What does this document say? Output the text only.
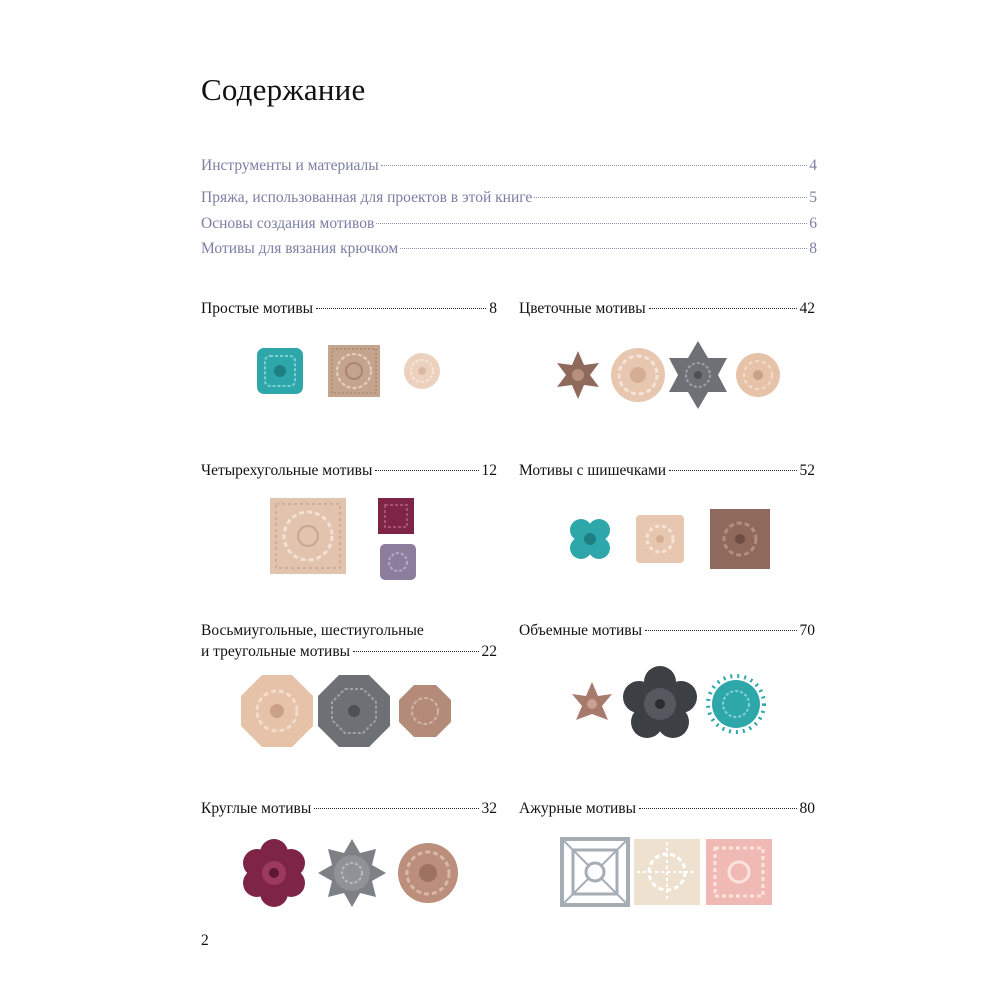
Содержание
Инструменты и материалы	4
Пряжа, использованная для проектов в этой книге	5
Основы создания мотивов	6
Мотивы для вязания крючком	8
Простые мотивы	8 Цветочные мотивы	42
Четырехугольные мотивы	12 Мотивы с шишечками	52
Восьмиугольные, шестиугольные
и треугольные мотивы	22
Объемные мотивы	70
Круглые мотивы	32 Ажурные мотивы	80
2
